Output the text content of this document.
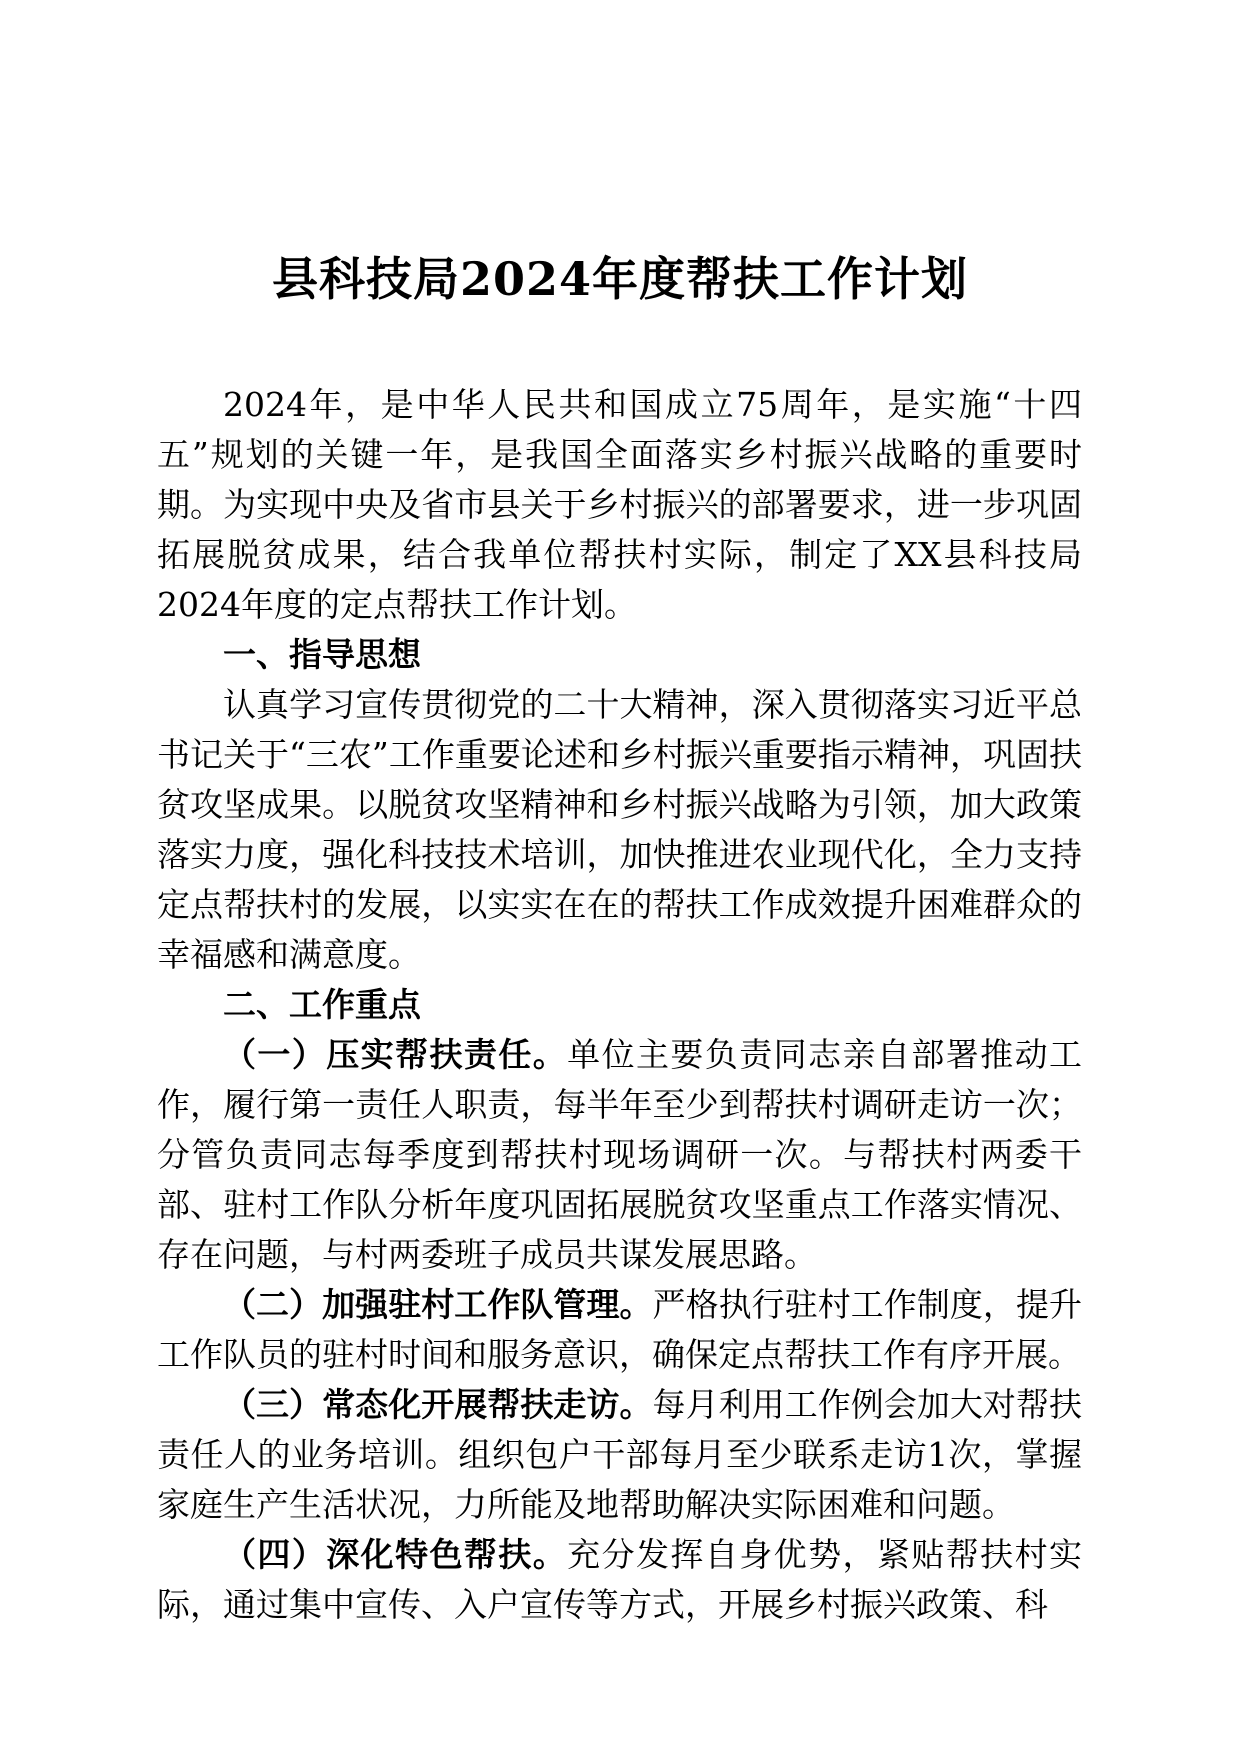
县科技局2024年度帮扶工作计划

2024年，是中华人民共和国成立75周年，是实施“十四五”规划的关键一年，是我国全面落实乡村振兴战略的重要时期。为实现中央及省市县关于乡村振兴的部署要求，进一步巩固拓展脱贫成果，结合我单位帮扶村实际，制定了XX县科技局2024年度的定点帮扶工作计划。

一、指导思想

认真学习宣传贯彻党的二十大精神，深入贯彻落实习近平总书记关于“三农”工作重要论述和乡村振兴重要指示精神，巩固扶贫攻坚成果。以脱贫攻坚精神和乡村振兴战略为引领，加大政策落实力度，强化科技技术培训，加快推进农业现代化，全力支持定点帮扶村的发展，以实实在在的帮扶工作成效提升困难群众的幸福感和满意度。

二、工作重点

（一）压实帮扶责任。单位主要负责同志亲自部署推动工作，履行第一责任人职责，每半年至少到帮扶村调研走访一次；分管负责同志每季度到帮扶村现场调研一次。与帮扶村两委干部、驻村工作队分析年度巩固拓展脱贫攻坚重点工作落实情况、存在问题，与村两委班子成员共谋发展思路。

（二）加强驻村工作队管理。严格执行驻村工作制度，提升工作队员的驻村时间和服务意识，确保定点帮扶工作有序开展。

（三）常态化开展帮扶走访。每月利用工作例会加大对帮扶责任人的业务培训。组织包户干部每月至少联系走访1次，掌握家庭生产生活状况，力所能及地帮助解决实际困难和问题。

（四）深化特色帮扶。充分发挥自身优势，紧贴帮扶村实际，通过集中宣传、入户宣传等方式，开展乡村振兴政策、科
